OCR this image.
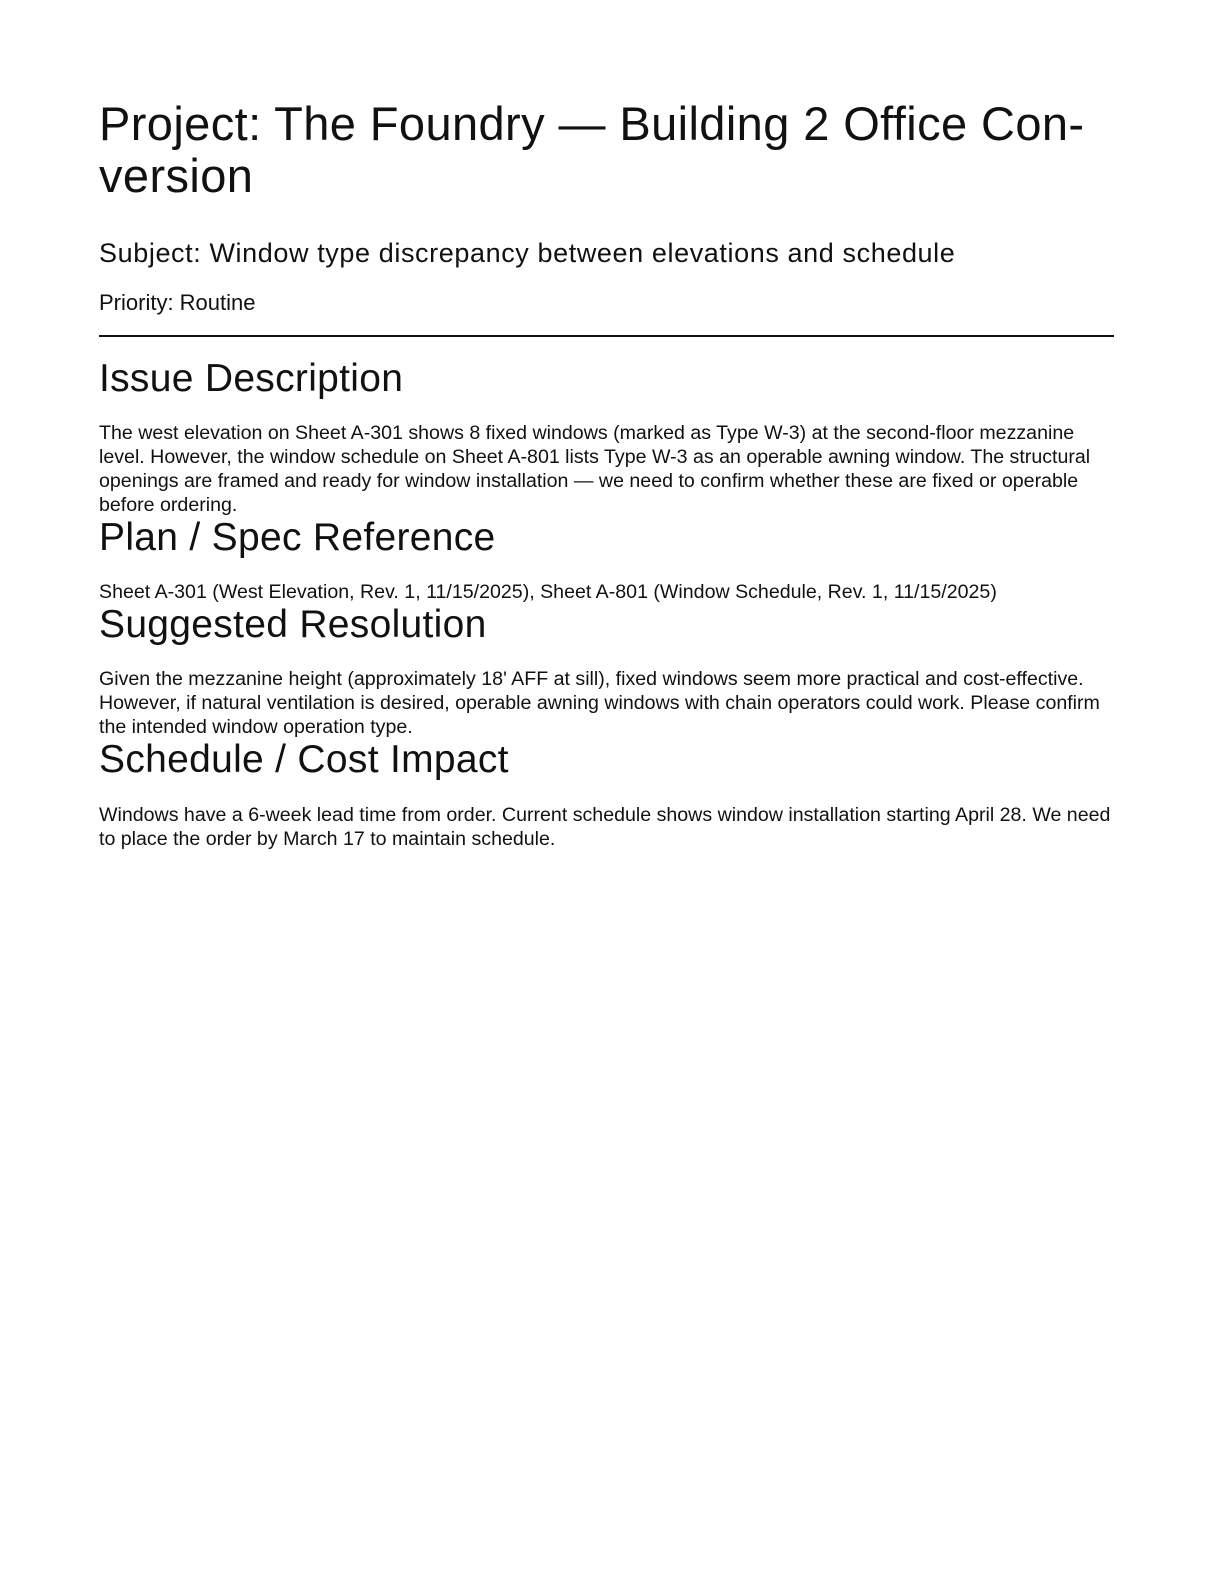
Project: The Foundry — Building 2 Office Con-version

Subject: Window type discrepancy between elevations and schedule

Priority: Routine

Issue Description

The west elevation on Sheet A-301 shows 8 fixed windows (marked as Type W-3) at the second-floor mezzanine level. However, the window schedule on Sheet A-801 lists Type W-3 as an operable awning window. The structural openings are framed and ready for window installation — we need to confirm whether these are fixed or operable before ordering.

Plan / Spec Reference

Sheet A-301 (West Elevation, Rev. 1, 11/15/2025), Sheet A-801 (Window Schedule, Rev. 1, 11/15/2025)

Suggested Resolution

Given the mezzanine height (approximately 18' AFF at sill), fixed windows seem more practical and cost-effective. However, if natural ventilation is desired, operable awning windows with chain operators could work. Please confirm the intended window operation type.

Schedule / Cost Impact

Windows have a 6-week lead time from order. Current schedule shows window installation starting April 28. We need to place the order by March 17 to maintain schedule.
